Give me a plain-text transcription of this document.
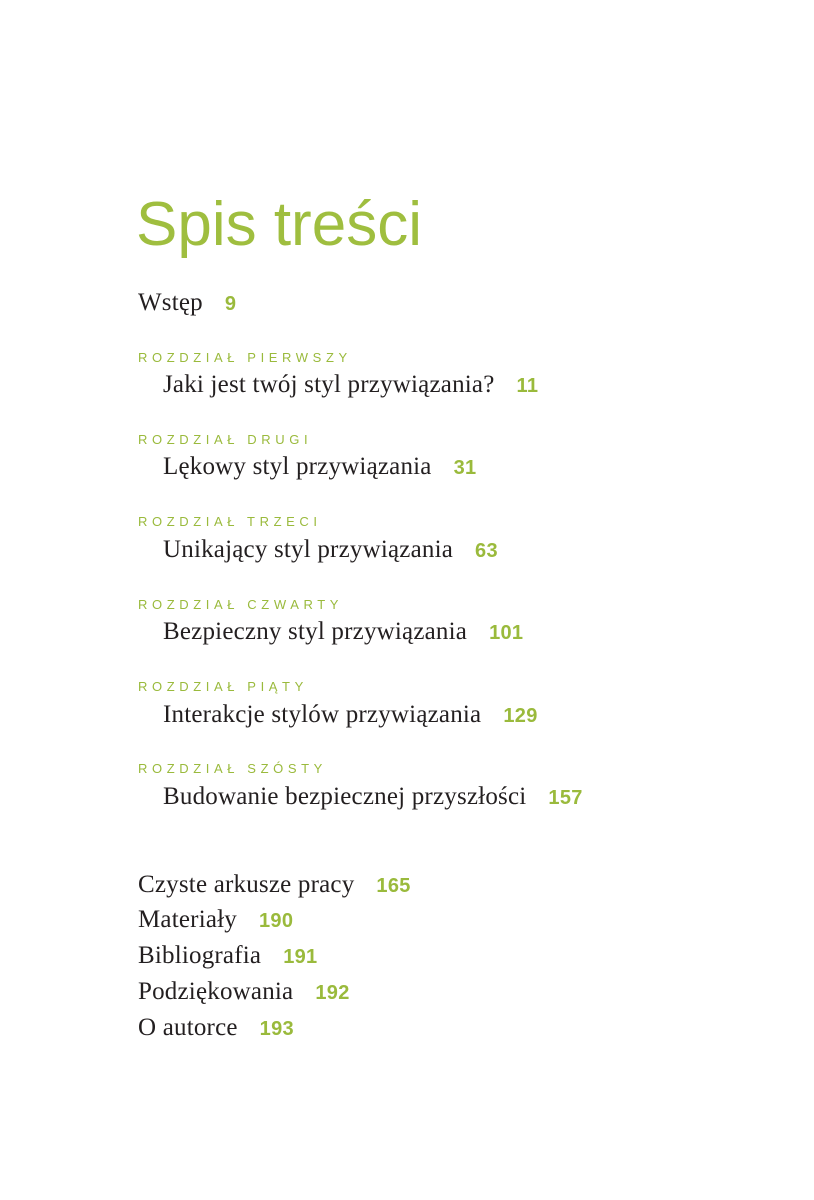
Spis treści
Wstęp 9
ROZDZIAŁ PIERWSZY
Jaki jest twój styl przywiązania? 11
ROZDZIAŁ DRUGI
Lękowy styl przywiązania 31
ROZDZIAŁ TRZECI
Unikający styl przywiązania 63
ROZDZIAŁ CZWARTY
Bezpieczny styl przywiązania 101
ROZDZIAŁ PIĄTY
Interakcje stylów przywiązania 129
ROZDZIAŁ SZÓSTY
Budowanie bezpiecznej przyszłości 157
Czyste arkusze pracy 165
Materiały 190
Bibliografia 191
Podziękowania 192
O autorce 193
